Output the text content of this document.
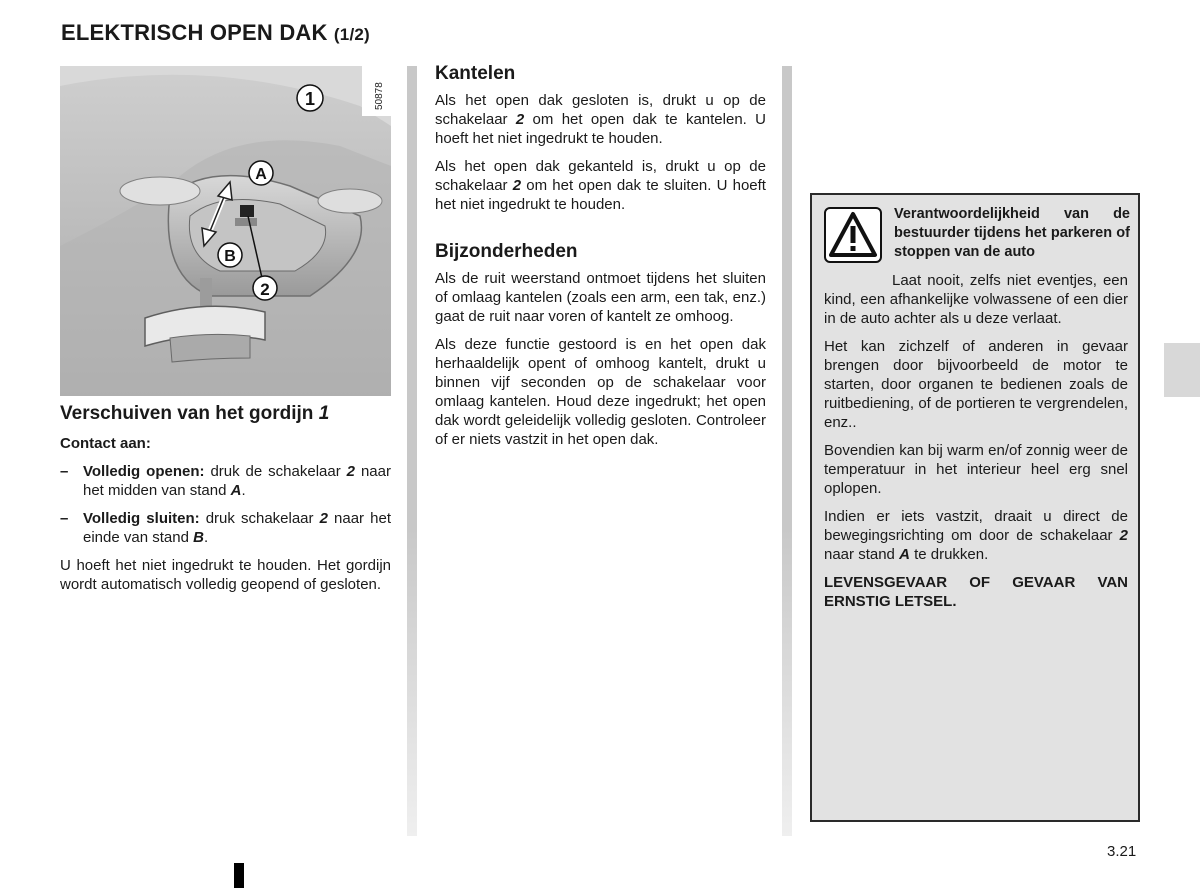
ELEKTRISCH OPEN DAK (1/2)
1
A
B
2
50878
Verschuiven van het gordijn 1
Contact aan:
– Volledig openen: druk de schakelaar 2 naar het midden van stand A.
– Volledig sluiten: druk schakelaar 2 naar het einde van stand B.

U hoeft het niet ingedrukt te houden. Het gordijn wordt automatisch volledig geopend of gesloten.

Kantelen

Als het open dak gesloten is, drukt u op de schakelaar 2 om het open dak te kantelen. U hoeft het niet ingedrukt te houden.

Als het open dak gekanteld is, drukt u op de schakelaar 2 om het open dak te sluiten. U hoeft het niet ingedrukt te houden.

Bijzonderheden

Als de ruit weerstand ontmoet tijdens het sluiten of omlaag kantelen (zoals een arm, een tak, enz.) gaat de ruit naar voren of kantelt ze omhoog.

Als deze functie gestoord is en het open dak herhaaldelijk opent of omhoog kantelt, drukt u binnen vijf seconden op de schakelaar voor omlaag kantelen. Houd deze ingedrukt; het open dak wordt geleidelijk volledig gesloten. Controleer of er niets vastzit in het open dak.

Verantwoordelijkheid van de bestuurder tijdens het parkeren of stoppen van de auto

Laat nooit, zelfs niet eventjes, een kind, een afhankelijke volwassene of een dier in de auto achter als u deze verlaat.

Het kan zichzelf of anderen in gevaar brengen door bijvoorbeeld de motor te starten, door organen te bedienen zoals de ruitbediening, of de portieren te vergrendelen, enz..

Bovendien kan bij warm en/of zonnig weer de temperatuur in het interieur heel erg snel oplopen.

Indien er iets vastzit, draait u direct de bewegingsrichting om door de schakelaar 2 naar stand A te drukken.

LEVENSGEVAAR OF GEVAAR VAN ERNSTIG LETSEL.

3.21
